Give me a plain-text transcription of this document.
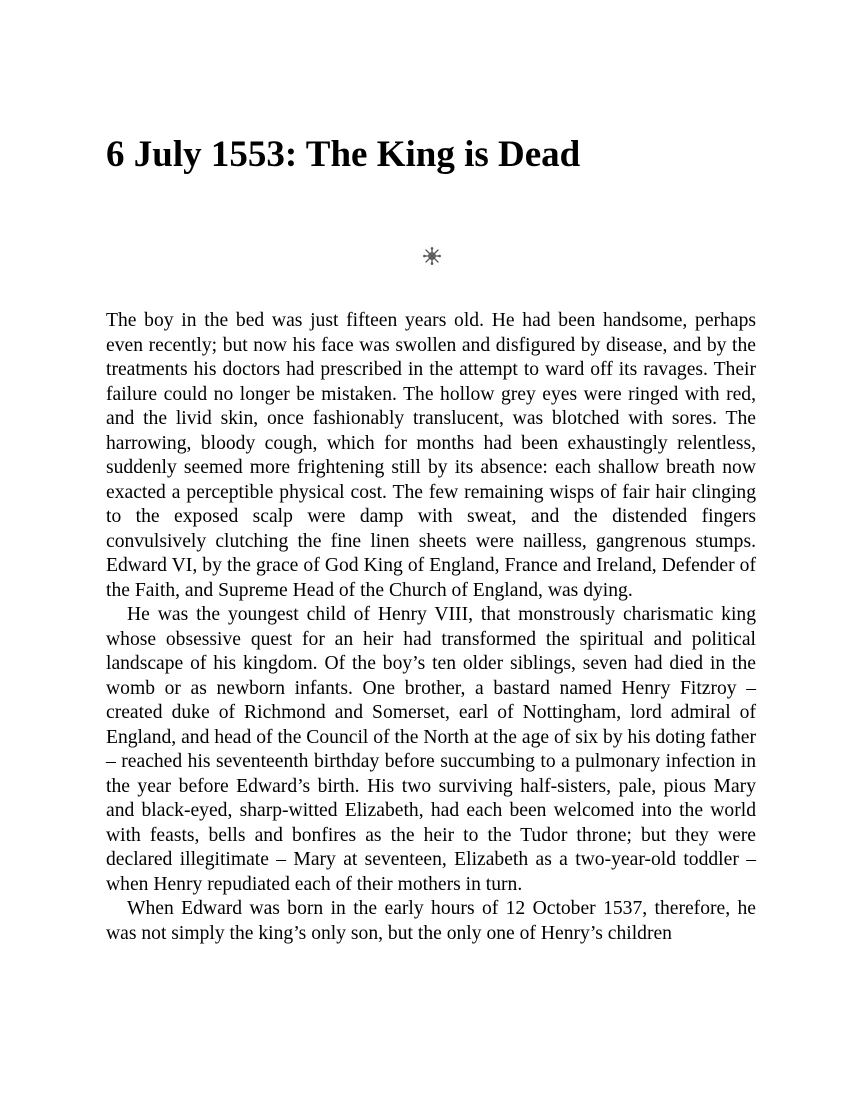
6 July 1553: The King is Dead

The boy in the bed was just fifteen years old. He had been handsome, perhaps even recently; but now his face was swollen and disfigured by disease, and by the treatments his doctors had prescribed in the attempt to ward off its ravages. Their failure could no longer be mistaken. The hollow grey eyes were ringed with red, and the livid skin, once fashionably translucent, was blotched with sores. The harrowing, bloody cough, which for months had been exhaustingly relentless, suddenly seemed more frightening still by its absence: each shallow breath now exacted a perceptible physical cost. The few remaining wisps of fair hair clinging to the exposed scalp were damp with sweat, and the distended fingers convulsively clutching the fine linen sheets were nailless, gangrenous stumps. Edward VI, by the grace of God King of England, France and Ireland, Defender of the Faith, and Supreme Head of the Church of England, was dying.

He was the youngest child of Henry VIII, that monstrously charismatic king whose obsessive quest for an heir had transformed the spiritual and political landscape of his kingdom. Of the boy’s ten older siblings, seven had died in the womb or as newborn infants. One brother, a bastard named Henry Fitzroy – created duke of Richmond and Somerset, earl of Nottingham, lord admiral of England, and head of the Council of the North at the age of six by his doting father – reached his seventeenth birthday before succumbing to a pulmonary infection in the year before Edward’s birth. His two surviving half-sisters, pale, pious Mary and black-eyed, sharp-witted Elizabeth, had each been welcomed into the world with feasts, bells and bonfires as the heir to the Tudor throne; but they were declared illegitimate – Mary at seventeen, Elizabeth as a two-year-old toddler – when Henry repudiated each of their mothers in turn.

When Edward was born in the early hours of 12 October 1537, therefore, he was not simply the king’s only son, but the only one of Henry’s children
